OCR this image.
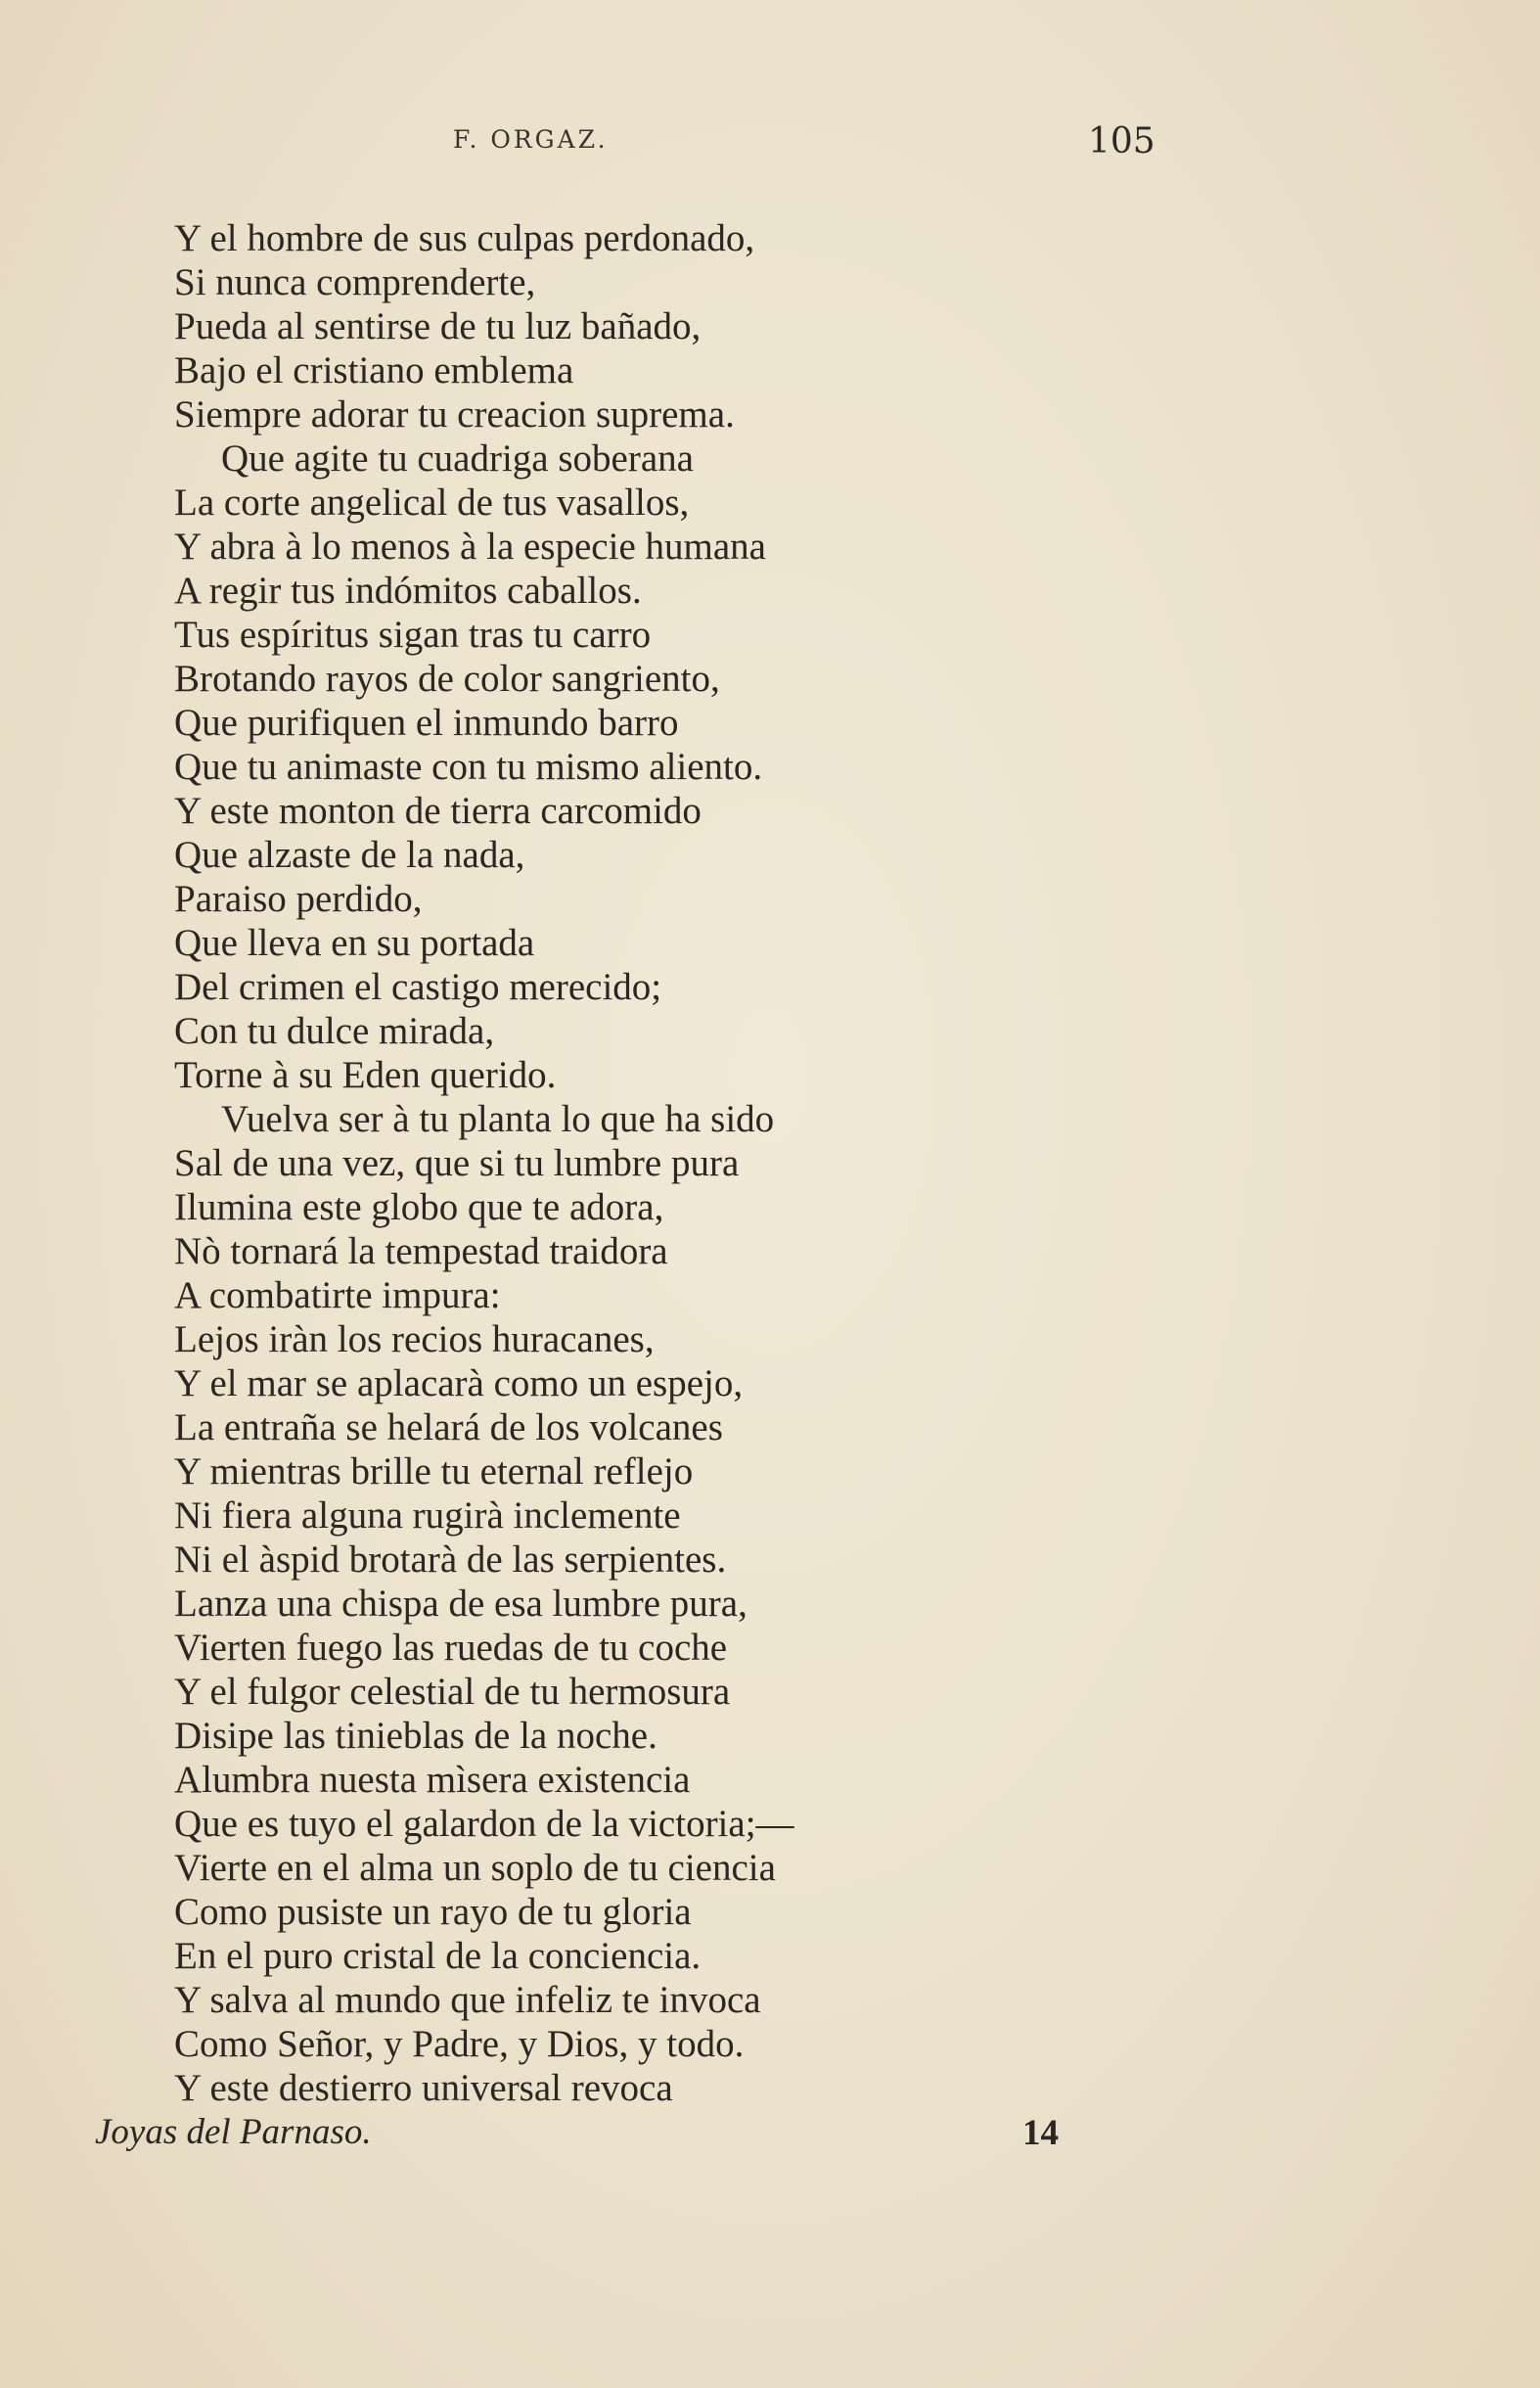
F. ORGAZ.	105
Y el hombre de sus culpas perdonado,
Si nunca comprenderte,
Pueda al sentirse de tu luz bañado,
Bajo el cristiano emblema
Siempre adorar tu creacion suprema.
Que agite tu cuadriga soberana
La corte angelical de tus vasallos,
Y abra à lo menos à la especie humana
A regir tus indómitos caballos.
Tus espíritus sigan tras tu carro
Brotando rayos de color sangriento,
Que purifiquen el inmundo barro
Que tu animaste con tu mismo aliento.
Y este monton de tierra carcomido
Que alzaste de la nada,
Paraiso perdido,
Que lleva en su portada
Del crimen el castigo merecido;
Con tu dulce mirada,
Torne à su Eden querido.
Vuelva ser à tu planta lo que ha sido
Sal de una vez, que si tu lumbre pura
Ilumina este globo que te adora,
Nò tornará la tempestad traidora
A combatirte impura:
Lejos iràn los recios huracanes,
Y el mar se aplacarà como un espejo,
La entraña se helará de los volcanes
Y mientras brille tu eternal reflejo
Ni fiera alguna rugirà inclemente
Ni el àspid brotarà de las serpientes.
Lanza una chispa de esa lumbre pura,
Vierten fuego las ruedas de tu coche
Y el fulgor celestial de tu hermosura
Disipe las tinieblas de la noche.
Alumbra nuesta mìsera existencia
Que es tuyo el galardon de la victoria;—
Vierte en el alma un soplo de tu ciencia
Como pusiste un rayo de tu gloria
En el puro cristal de la conciencia.
Y salva al mundo que infeliz te invoca
Como Señor, y Padre, y Dios, y todo.
Y este destierro universal revoca
Joyas del Parnaso.	14
